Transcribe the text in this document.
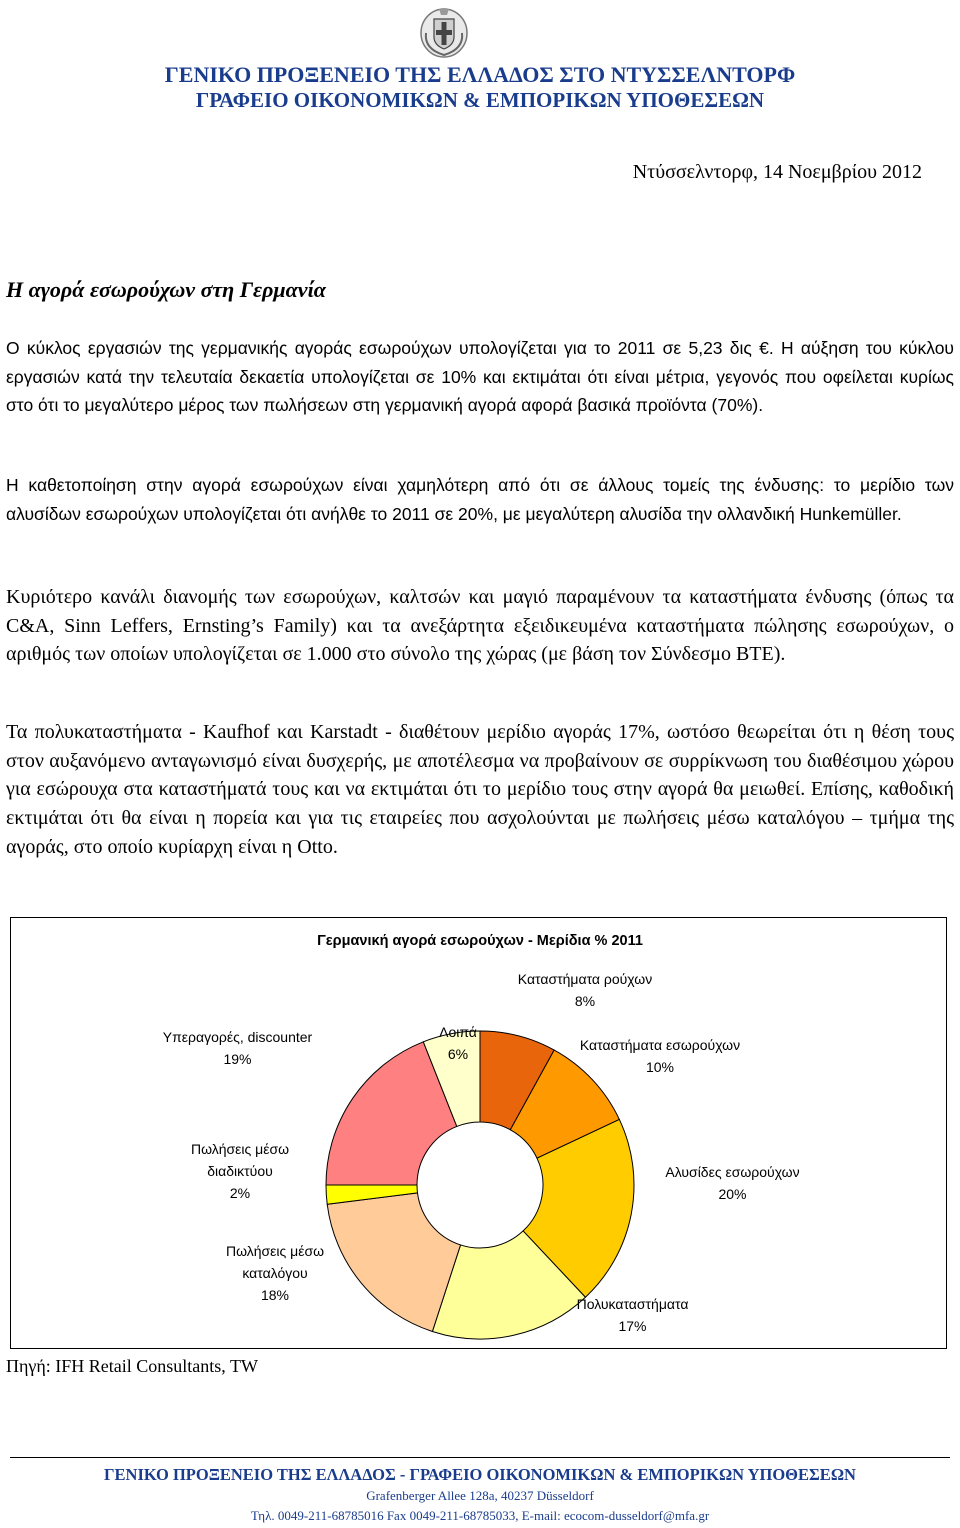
ΓΕΝΙΚΟ ΠΡΟΞΕΝΕΙΟ ΤΗΣ ΕΛΛΑΔΟΣ ΣΤΟ ΝΤΥΣΣΕΛΝΤΟΡΦ
ΓΡΑΦΕΙΟ ΟΙΚΟΝΟΜΙΚΩΝ & ΕΜΠΟΡΙΚΩΝ ΥΠΟΘΕΣΕΩΝ
Ντύσσελντορφ, 14 Νοεμβρίου 2012
Η αγορά εσωρούχων στη Γερμανία

Ο κύκλος εργασιών της γερμανικής αγοράς εσωρούχων υπολογίζεται για το 2011 σε 5,23 δις €. Η αύξηση του κύκλου εργασιών κατά την τελευταία δεκαετία υπολογίζεται σε 10% και εκτιμάται ότι είναι μέτρια, γεγονός που οφείλεται κυρίως στο ότι το μεγαλύτερο μέρος των πωλήσεων στη γερμανική αγορά αφορά βασικά προϊόντα (70%).

Η καθετοποίηση στην αγορά εσωρούχων είναι χαμηλότερη από ότι σε άλλους τομείς της ένδυσης: το μερίδιο των αλυσίδων εσωρούχων υπολογίζεται ότι ανήλθε το 2011 σε 20%, με μεγαλύτερη αλυσίδα την ολλανδική Hunkemüller.

Κυριότερο κανάλι διανομής των εσωρούχων, καλτσών και μαγιό παραμένουν τα καταστήματα ένδυσης (όπως τα C&A, Sinn Leffers, Ernsting’s Family) και τα ανεξάρτητα εξειδικευμένα καταστήματα πώλησης εσωρούχων, ο αριθμός των οποίων υπολογίζεται σε 1.000 στο σύνολο της χώρας (με βάση τον Σύνδεσμο BTE).

Τα πολυκαταστήματα - Kaufhof και Karstadt - διαθέτουν μερίδιο αγοράς 17%, ωστόσο θεωρείται ότι η θέση τους στον αυξανόμενο ανταγωνισμό είναι δυσχερής, με αποτέλεσμα να προβαίνουν σε συρρίκνωση του διαθέσιμου χώρου για εσώρουχα στα καταστήματά τους και να εκτιμάται ότι το μερίδιο τους στην αγορά θα μειωθεί. Επίσης, καθοδική εκτιμάται ότι θα είναι η πορεία και για τις εταιρείες που ασχολούνται με πωλήσεις μέσω καταλόγου – τμήμα της αγοράς, στο οποίο κυρίαρχη είναι η Otto.

Γερμανική αγορά εσωρούχων - Μερίδια % 2011
Καταστήματα ρούχων
8%
Καταστήματα εσωρούχων
10%
Αλυσίδες εσωρούχων
20%
Πολυκαταστήματα
17%
Πωλήσεις μέσω
καταλόγου
18%
Πωλήσεις μέσω
διαδικτύου
2%
Υπεραγορές, discounter
19%
Λοιπά
6%
Πηγή: IFH Retail Consultants, TW
ΓΕΝΙΚΟ ΠΡΟΞΕΝΕΙΟ ΤΗΣ ΕΛΛΑΔΟΣ - ΓΡΑΦΕΙΟ ΟΙΚΟΝΟΜΙΚΩΝ & ΕΜΠΟΡΙΚΩΝ ΥΠΟΘΕΣΕΩΝ
Grafenberger Allee 128a, 40237 Düsseldorf
Τηλ. 0049-211-68785016 Fax 0049-211-68785033, E-mail: ecocom-dusseldorf@mfa.gr
